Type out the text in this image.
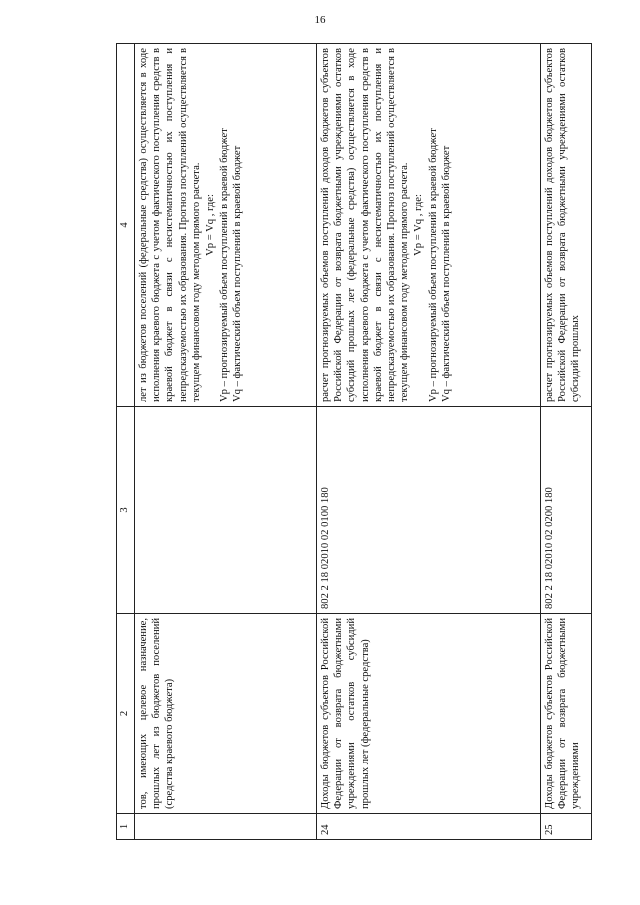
16
1	2	3	4
	тов, имеющих целевое назначение, прошлых лет из бюджетов поселений (средства краевого бюджета)		лет из бюджетов поселений (федеральные средства) осуществляется в ходе исполнения краевого бюджета с учетом фактического поступления средств в краевой бюджет в связи с несистематичностью их поступления и непредсказуемостью их образования. Прогноз поступлений осуществляется в текущем финансовом году методом прямого расчета. Vp = Vq , где: Vp – прогнозируемый объем поступлений в краевой бюджет Vq – фактический объем поступлений в краевой бюджет

24	Доходы бюджетов субъектов Российской Федерации от возврата бюджетными учреждениями остатков субсидий прошлых лет (федеральные средства)	802 2 18 02010 02 0100 180	расчет прогнозируемых объемов поступлений доходов бюджетов субъектов Российской Федерации от возврата бюджетными учреждениями остатков субсидий прошлых лет (федеральные средства) осуществляется в ходе исполнения краевого бюджета с учетом фактического поступления средств в краевой бюджет в связи с несистематичностью их поступления и непредсказуемостью их образования. Прогноз поступлений осуществляется в текущем финансовом году методом прямого расчета. Vp = Vq , где: Vp – прогнозируемый объем поступлений в краевой бюджет Vq – фактический объем поступлений в краевой бюджет

25	Доходы бюджетов субъектов Российской Федерации от возврата бюджетными учреждениями	802 2 18 02010 02 0200 180	расчет прогнозируемых объемов поступлений доходов бюджетов субъектов Российской Федерации от возврата бюджетными учреждениями остатков субсидий прошлых
